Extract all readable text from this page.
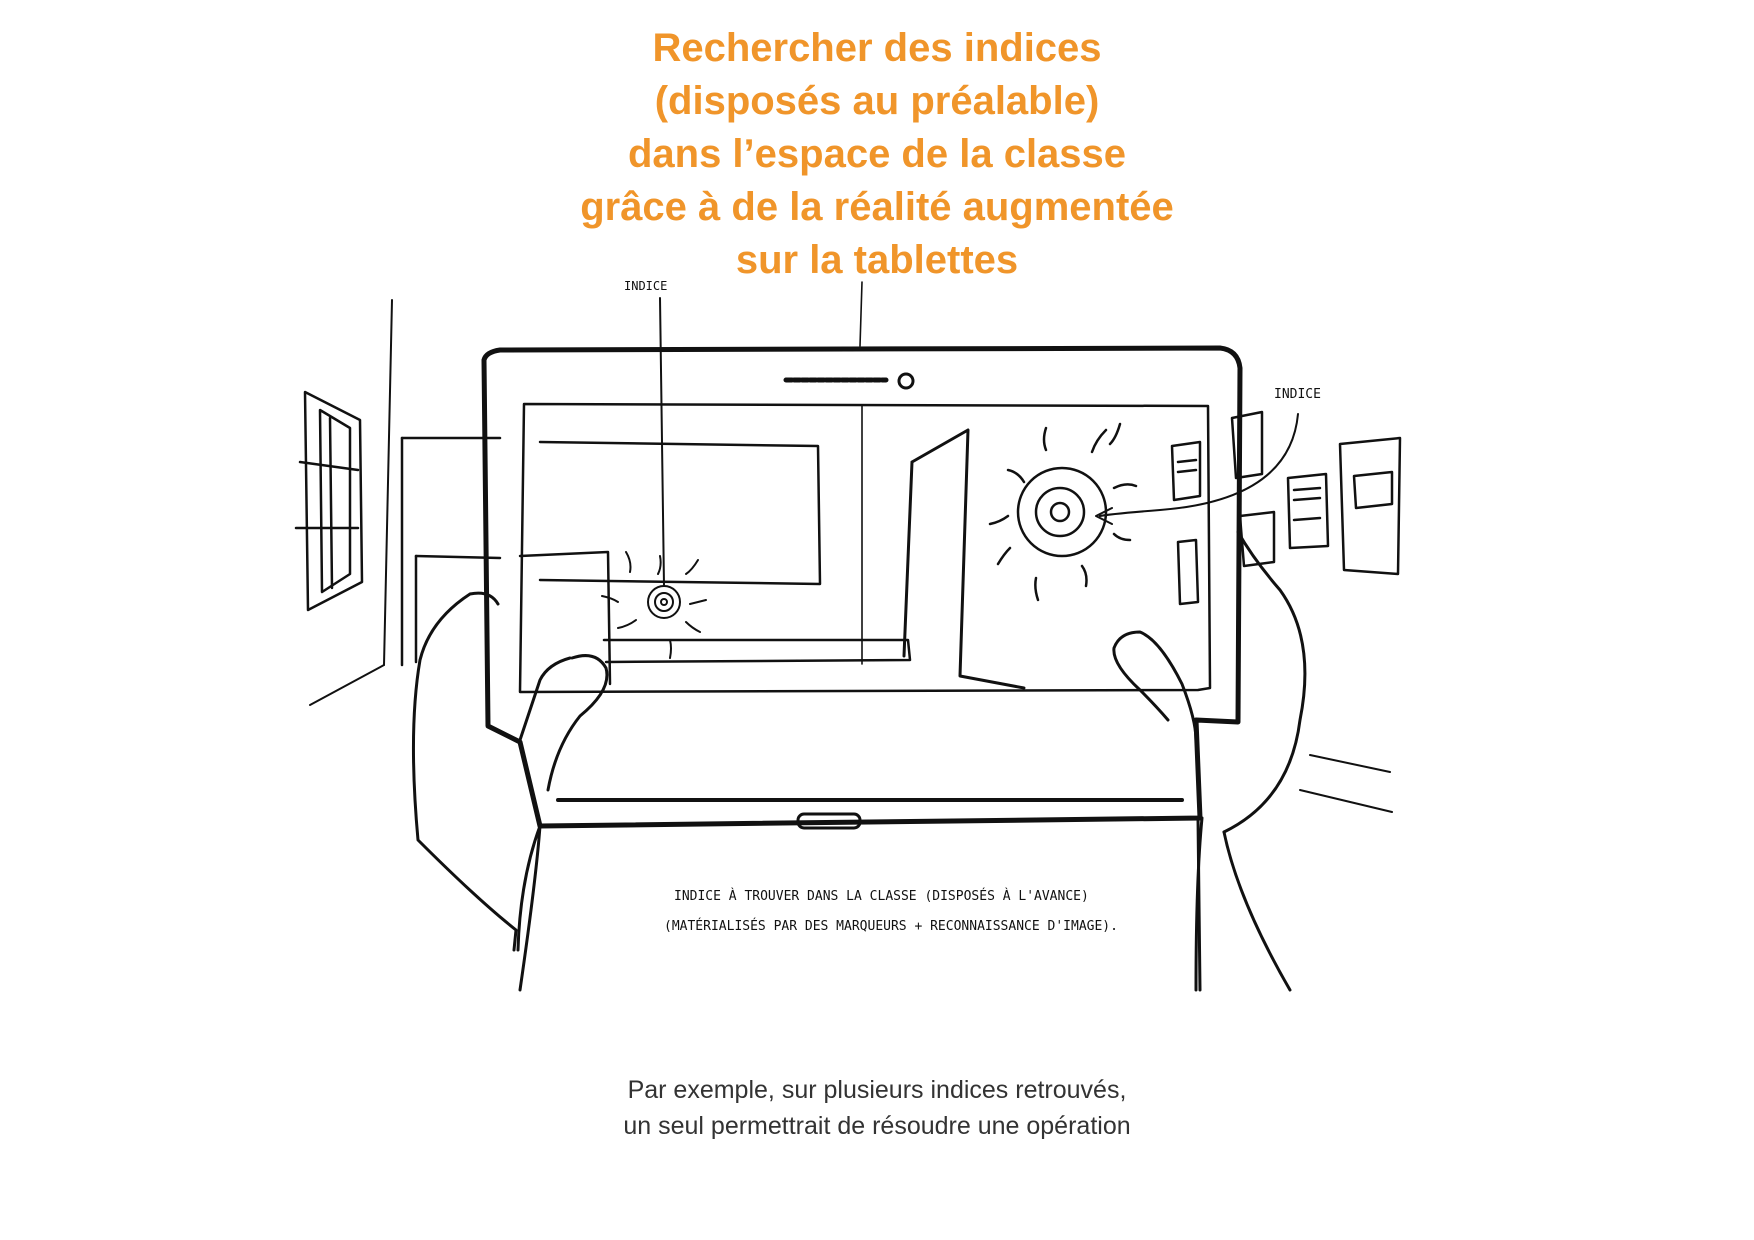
Rechercher des indices
(disposés au préalable)
dans l’espace de la classe
grâce à de la réalité augmentée
sur la tablettes
INDICE
INDICE
INDICE À TROUVER DANS LA CLASSE (DISPOSÉS À L'AVANCE)
(MATÉRIALISÉS PAR DES MARQUEURS + RECONNAISSANCE D'IMAGE).
Par exemple, sur plusieurs indices retrouvés,
un seul permettrait de résoudre une opération
